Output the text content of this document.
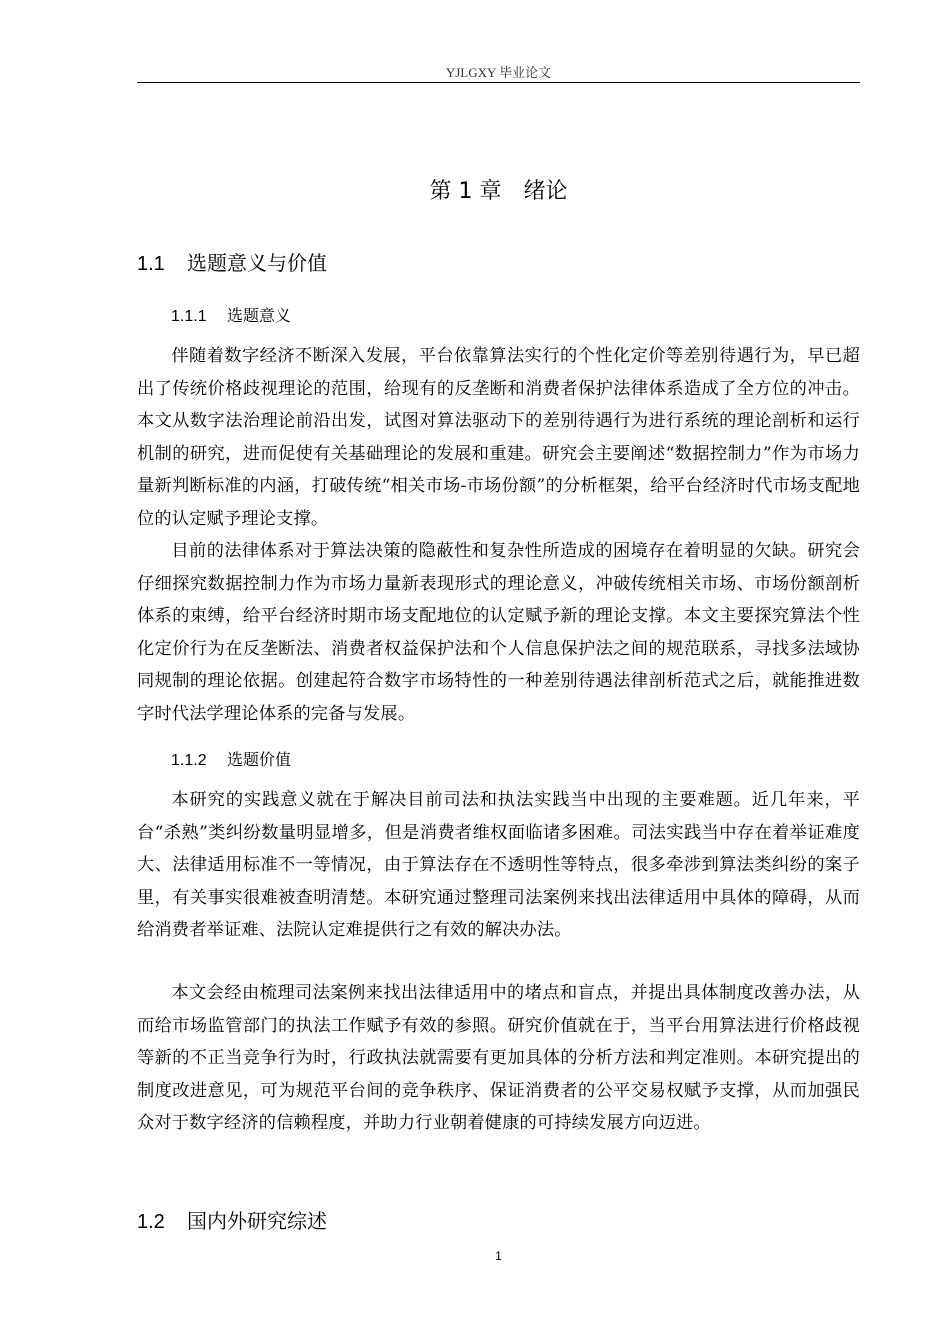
YJLGXY 毕业论文
第 1 章　绪论
1.1 选题意义与价值
1.1.1 选题意义

伴随着数字经济不断深入发展，平台依靠算法实行的个性化定价等差别待遇行为，早已超出了传统价格歧视理论的范围，给现有的反垄断和消费者保护法律体系造成了全方位的冲击。本文从数字法治理论前沿出发，试图对算法驱动下的差别待遇行为进行系统的理论剖析和运行机制的研究，进而促使有关基础理论的发展和重建。研究会主要阐述“数据控制力”作为市场力量新判断标准的内涵，打破传统“相关市场-市场份额”的分析框架，给平台经济时代市场支配地位的认定赋予理论支撑。

目前的法律体系对于算法决策的隐蔽性和复杂性所造成的困境存在着明显的欠缺。研究会仔细探究数据控制力作为市场力量新表现形式的理论意义，冲破传统相关市场、市场份额剖析体系的束缚，给平台经济时期市场支配地位的认定赋予新的理论支撑。本文主要探究算法个性化定价行为在反垄断法、消费者权益保护法和个人信息保护法之间的规范联系，寻找多法域协同规制的理论依据。创建起符合数字市场特性的一种差别待遇法律剖析范式之后，就能推进数字时代法学理论体系的完备与发展。

1.1.2 选题价值

本研究的实践意义就在于解决目前司法和执法实践当中出现的主要难题。近几年来，平台“杀熟”类纠纷数量明显增多，但是消费者维权面临诸多困难。司法实践当中存在着举证难度大、法律适用标准不一等情况，由于算法存在不透明性等特点，很多牵涉到算法类纠纷的案子里，有关事实很难被查明清楚。本研究通过整理司法案例来找出法律适用中具体的障碍，从而给消费者举证难、法院认定难提供行之有效的解决办法。

本文会经由梳理司法案例来找出法律适用中的堵点和盲点，并提出具体制度改善办法，从而给市场监管部门的执法工作赋予有效的参照。研究价值就在于，当平台用算法进行价格歧视等新的不正当竞争行为时，行政执法就需要有更加具体的分析方法和判定准则。本研究提出的制度改进意见，可为规范平台间的竞争秩序、保证消费者的公平交易权赋予支撑，从而加强民众对于数字经济的信赖程度，并助力行业朝着健康的可持续发展方向迈进。

1.2 国内外研究综述
1
